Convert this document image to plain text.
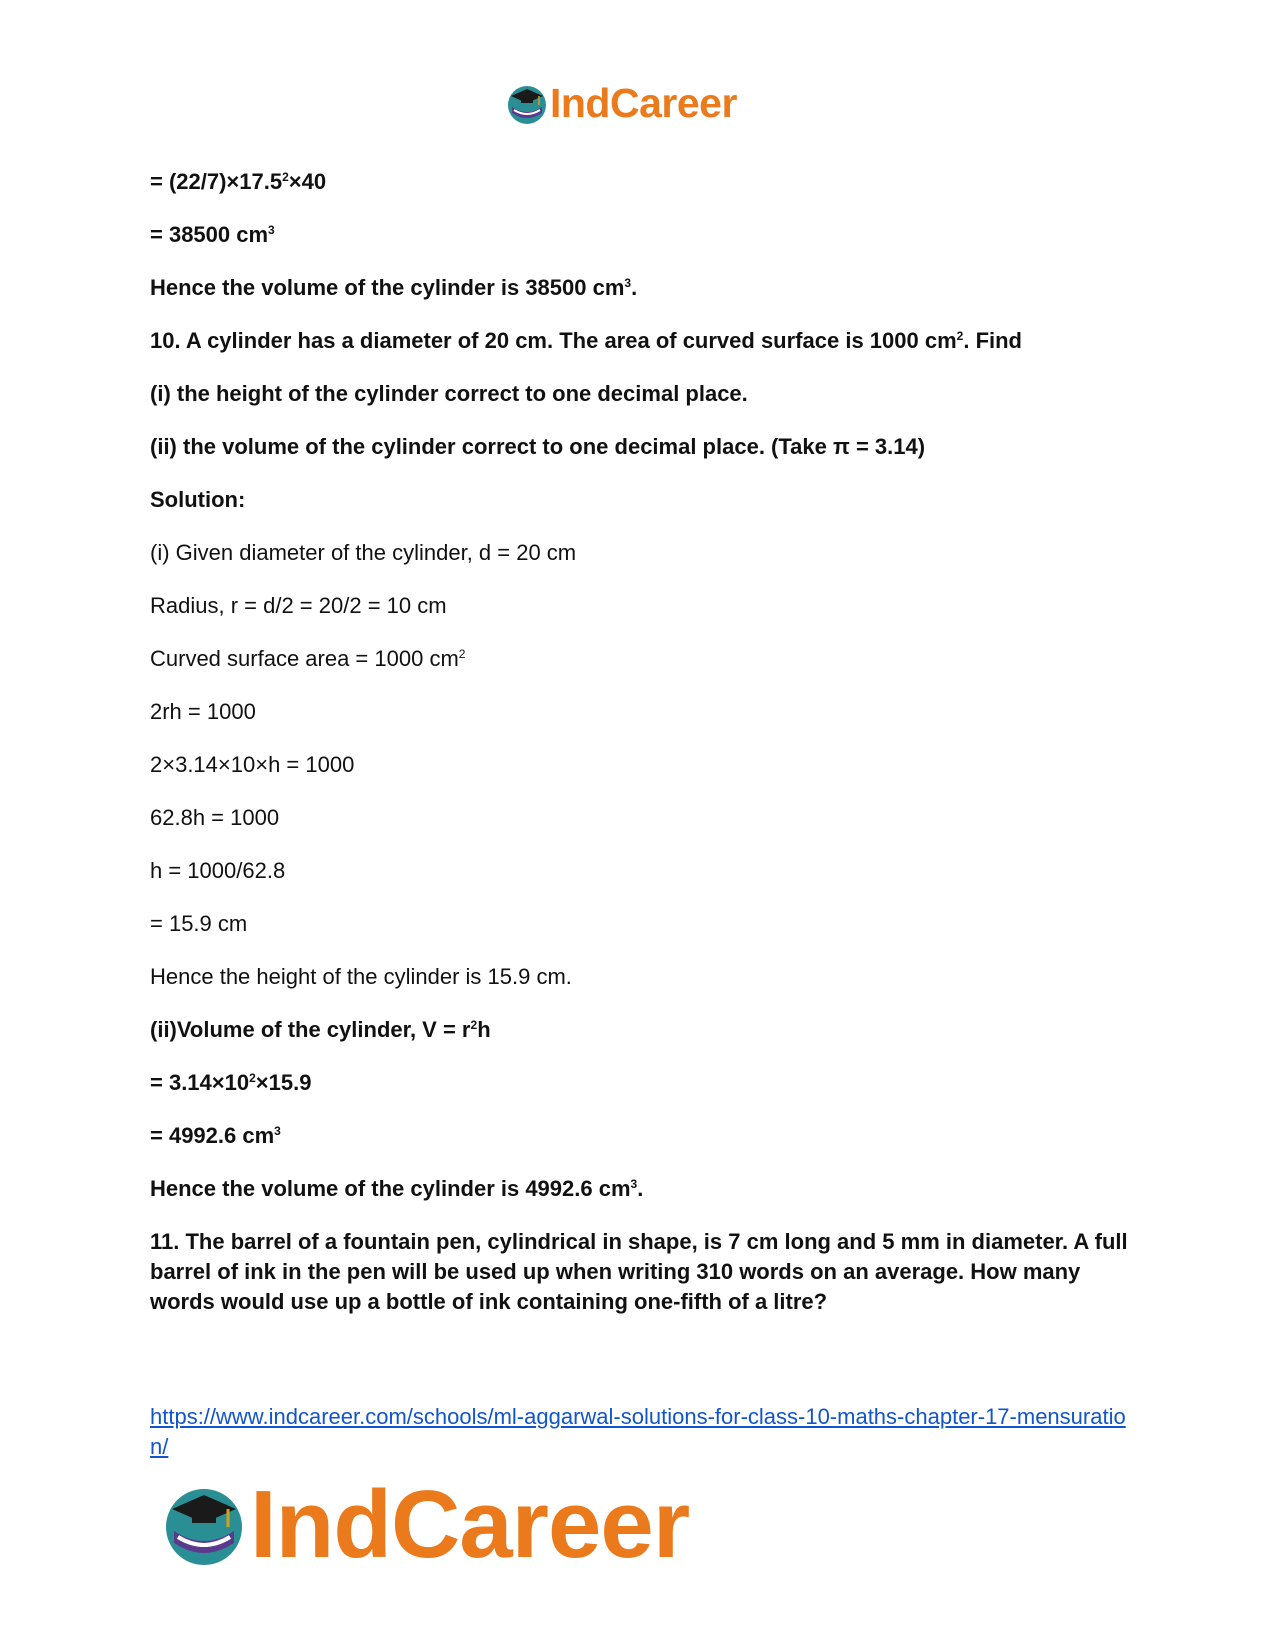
IndCareer
= $(22/7)\times 17.5^2\times 40$
= 38500 $cm^3$
Hence the volume of the cylinder is 38500 $cm^3$.
10. A cylinder has a diameter of 20 cm. The area of curved surface is 1000 $cm^2$. Find
(i) the height of the cylinder correct to one decimal place.
(ii) the volume of the cylinder correct to one decimal place. (Take π = 3.14)
Solution:
(i) Given diameter of the cylinder, d = 20 cm
Radius, r = d/2 = 20/2 = 10 cm
Curved surface area = 1000 $cm^2$
2rh = 1000
2×3.14×10×h = 1000
62.8h = 1000
h = 1000/62.8
= 15.9 cm
Hence the height of the cylinder is 15.9 cm.
(ii)Volume of the cylinder, $V = r^2h$
= $3.14\times 10^2\times 15.9$
= 4992.6 $cm^3$
Hence the volume of the cylinder is 4992.6 $cm^3$.
11. The barrel of a fountain pen, cylindrical in shape, is 7 cm long and 5 mm in diameter. A full barrel of ink in the pen will be used up when writing 310 words on an average. How many words would use up a bottle of ink containing one-fifth of a litre?
https://www.indcareer.com/schools/ml-aggarwal-solutions-for-class-10-maths-chapter-17-mensuration/
IndCareer
